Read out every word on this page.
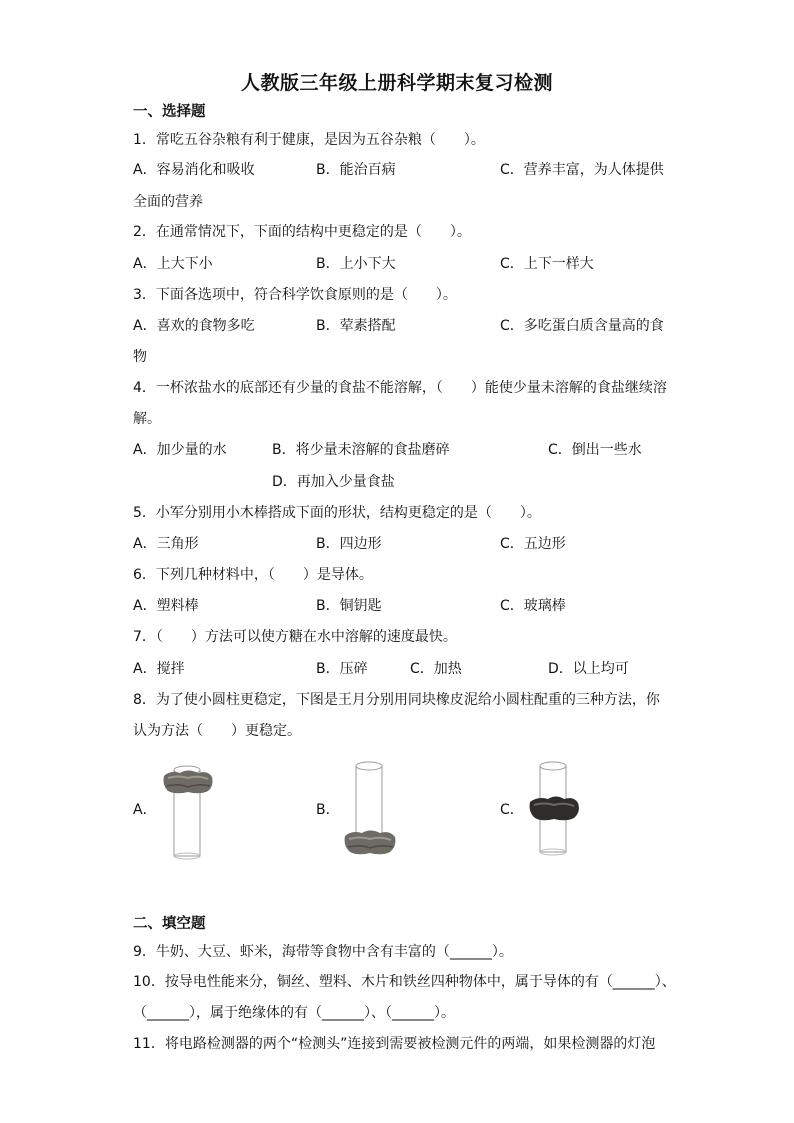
人教版三年级上册科学期末复习检测
一、选择题
1．常吃五谷杂粮有利于健康，是因为五谷杂粮（　　）。
A．容易消化和吸收	B．能治百病	C．营养丰富，为人体提供
全面的营养
2．在通常情况下，下面的结构中更稳定的是（　　）。
A．上大下小	B．上小下大	C．上下一样大
3．下面各选项中，符合科学饮食原则的是（　　）。
A．喜欢的食物多吃	B．荤素搭配	C．多吃蛋白质含量高的食
物
4．一杯浓盐水的底部还有少量的食盐不能溶解，（　　）能使少量未溶解的食盐继续溶
解。
A．加少量的水	B．将少量未溶解的食盐磨碎	C．倒出一些水
D．再加入少量食盐
5．小军分别用小木棒搭成下面的形状，结构更稳定的是（　　）。
A．三角形	B．四边形	C．五边形
6．下列几种材料中，（　　）是导体。
A．塑料棒	B．铜钥匙	C．玻璃棒
7．（　　）方法可以使方糖在水中溶解的速度最快。
A．搅拌	B．压碎	C．加热	D．以上均可
8．为了使小圆柱更稳定，下图是王月分别用同块橡皮泥给小圆柱配重的三种方法，你
认为方法（　　）更稳定。
A．	B．	C．
二、填空题
9．牛奶、大豆、虾米，海带等食物中含有丰富的（______）。
10．按导电性能来分，铜丝、塑料、木片和铁丝四种物体中，属于导体的有（______）、
（______），属于绝缘体的有（______）、（______）。
11．将电路检测器的两个“检测头”连接到需要被检测元件的两端，如果检测器的灯泡
